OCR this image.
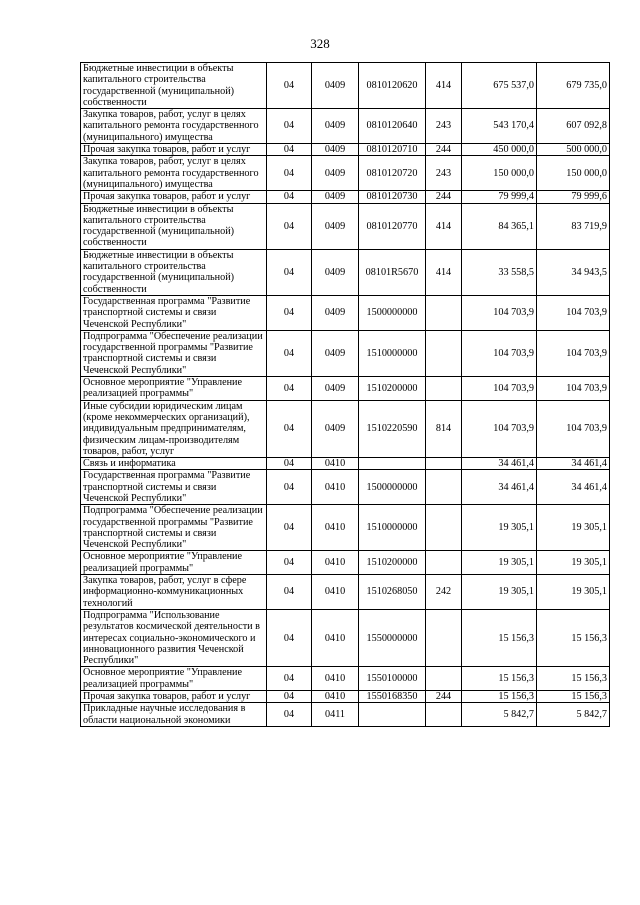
328
Бюджетные инвестиции в объекты капитального строительства государственной (муниципальной) собственности	04	0409	0810120620	414	675 537,0	679 735,0
Закупка товаров, работ, услуг в целях капитального ремонта государственного (муниципального) имущества	04	0409	0810120640	243	543 170,4	607 092,8
Прочая закупка товаров, работ и услуг	04	0409	0810120710	244	450 000,0	500 000,0
Закупка товаров, работ, услуг в целях капитального ремонта государственного (муниципального) имущества	04	0409	0810120720	243	150 000,0	150 000,0
Прочая закупка товаров, работ и услуг	04	0409	0810120730	244	79 999,4	79 999,6
Бюджетные инвестиции в объекты капитального строительства государственной (муниципальной) собственности	04	0409	0810120770	414	84 365,1	83 719,9
Бюджетные инвестиции в объекты капитального строительства государственной (муниципальной) собственности	04	0409	08101R5670	414	33 558,5	34 943,5
Государственная программа "Развитие транспортной системы и связи Чеченской Республики"	04	0409	1500000000		104 703,9	104 703,9
Подпрограмма "Обеспечение реализации государственной программы "Развитие транспортной системы и связи Чеченской Республики"	04	0409	1510000000		104 703,9	104 703,9
Основное мероприятие "Управление реализацией программы"	04	0409	1510200000		104 703,9	104 703,9
Иные субсидии юридическим лицам (кроме некоммерческих организаций), индивидуальным предпринимателям, физическим лицам-производителям товаров, работ, услуг	04	0409	1510220590	814	104 703,9	104 703,9
Связь и информатика	04	0410			34 461,4	34 461,4
Государственная программа "Развитие транспортной системы и связи Чеченской Республики"	04	0410	1500000000		34 461,4	34 461,4
Подпрограмма "Обеспечение реализации государственной программы "Развитие транспортной системы и связи Чеченской Республики"	04	0410	1510000000		19 305,1	19 305,1
Основное мероприятие "Управление реализацией программы"	04	0410	1510200000		19 305,1	19 305,1
Закупка товаров, работ, услуг в сфере информационно-коммуникационных технологий	04	0410	1510268050	242	19 305,1	19 305,1
Подпрограмма "Использование результатов космической деятельности в интересах социально-экономического и инновационного развития Чеченской Республики"	04	0410	1550000000		15 156,3	15 156,3
Основное мероприятие "Управление реализацией программы"	04	0410	1550100000		15 156,3	15 156,3
Прочая закупка товаров, работ и услуг	04	0410	1550168350	244	15 156,3	15 156,3
Прикладные научные исследования в области национальной экономики	04	0411			5 842,7	5 842,7
